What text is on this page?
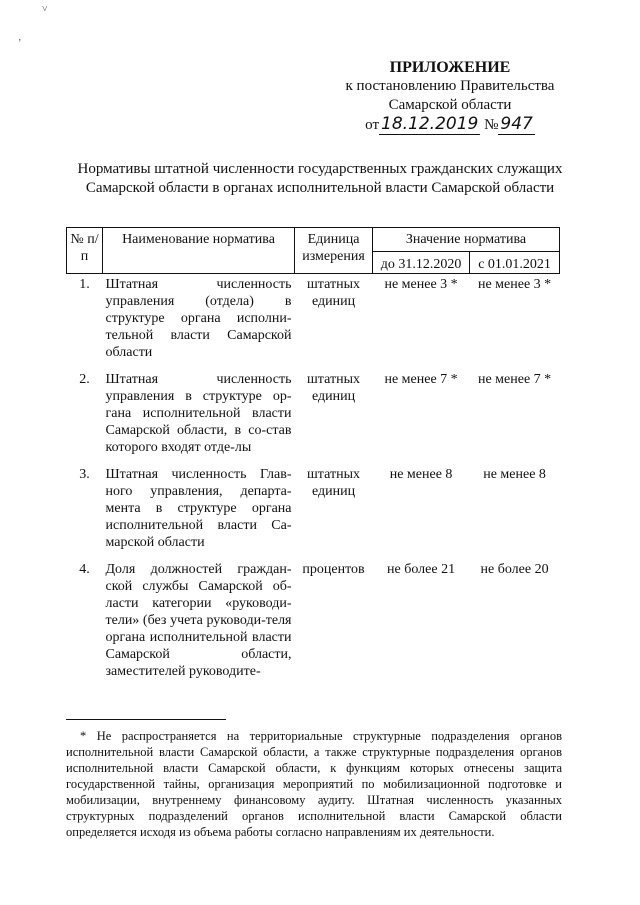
˅
ʼ
ПРИЛОЖЕНИЕ
к постановлению Правительства
Самарской области
от 18.12.2019 № 947
Нормативы штатной численности государственных гражданских служащих Самарской области в органах исполнительной власти Самарской области
№ п/п	Наименование норматива	Единица измерения	Значение норматива	
			до 31.12.2020	с 01.01.2021
1.	Штатная численность управления (отдела) в структуре органа исполни-тельной власти Самарской области	штатных единиц	не менее 3 *	не менее 3 *
2.	Штатная численность управления в структуре ор-гана исполнительной власти Самарской области, в со-став которого входят отде-лы	штатных единиц	не менее 7 *	не менее 7 *
3.	Штатная численность Глав-ного управления, департа-мента в структуре органа исполнительной власти Са-марской области	штатных единиц	не менее 8	не менее 8
4.	Доля должностей граждан-ской службы Самарской об-ласти категории «руководи-тели» (без учета руководи-теля органа исполнительной власти Самарской области, заместителей руководите-	процентов	не более 21	не более 20
* Не распространяется на территориальные структурные подразделения органов исполнительной власти Самарской области, а также структурные подразделения органов исполнительной власти Самарской области, к функциям которых отнесены защита государственной тайны, организация мероприятий по мобилизационной подготовке и мобилизации, внутреннему финансовому аудиту. Штатная численность указанных структурных подразделений органов исполнительной власти Самарской области определяется исходя из объема работы согласно направлениям их деятельности.
